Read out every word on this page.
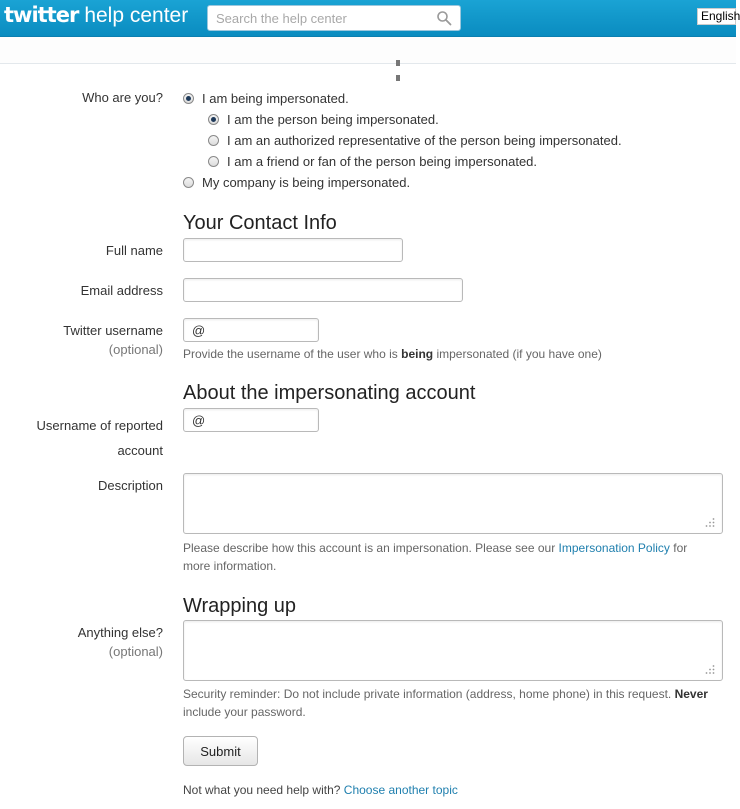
twitter help center
Search the help center	English
Who are you?	I am being impersonated.
I am the person being impersonated.
I am an authorized representative of the person being impersonated.
I am a friend or fan of the person being impersonated.
My company is being impersonated.
Your Contact Info
Full name
Email address
Twitter username
(optional)
@ Provide the username of the user who is being impersonated (if you have one)
About the impersonating account
Username of reported
account
@
Description
Please describe how this account is an impersonation. Please see our Impersonation Policy for
more information.
Wrapping up
Anything else?
(optional)
Security reminder: Do not include private information (address, home phone) in this request. Never
include your password.
Submit
Not what you need help with? Choose another topic
